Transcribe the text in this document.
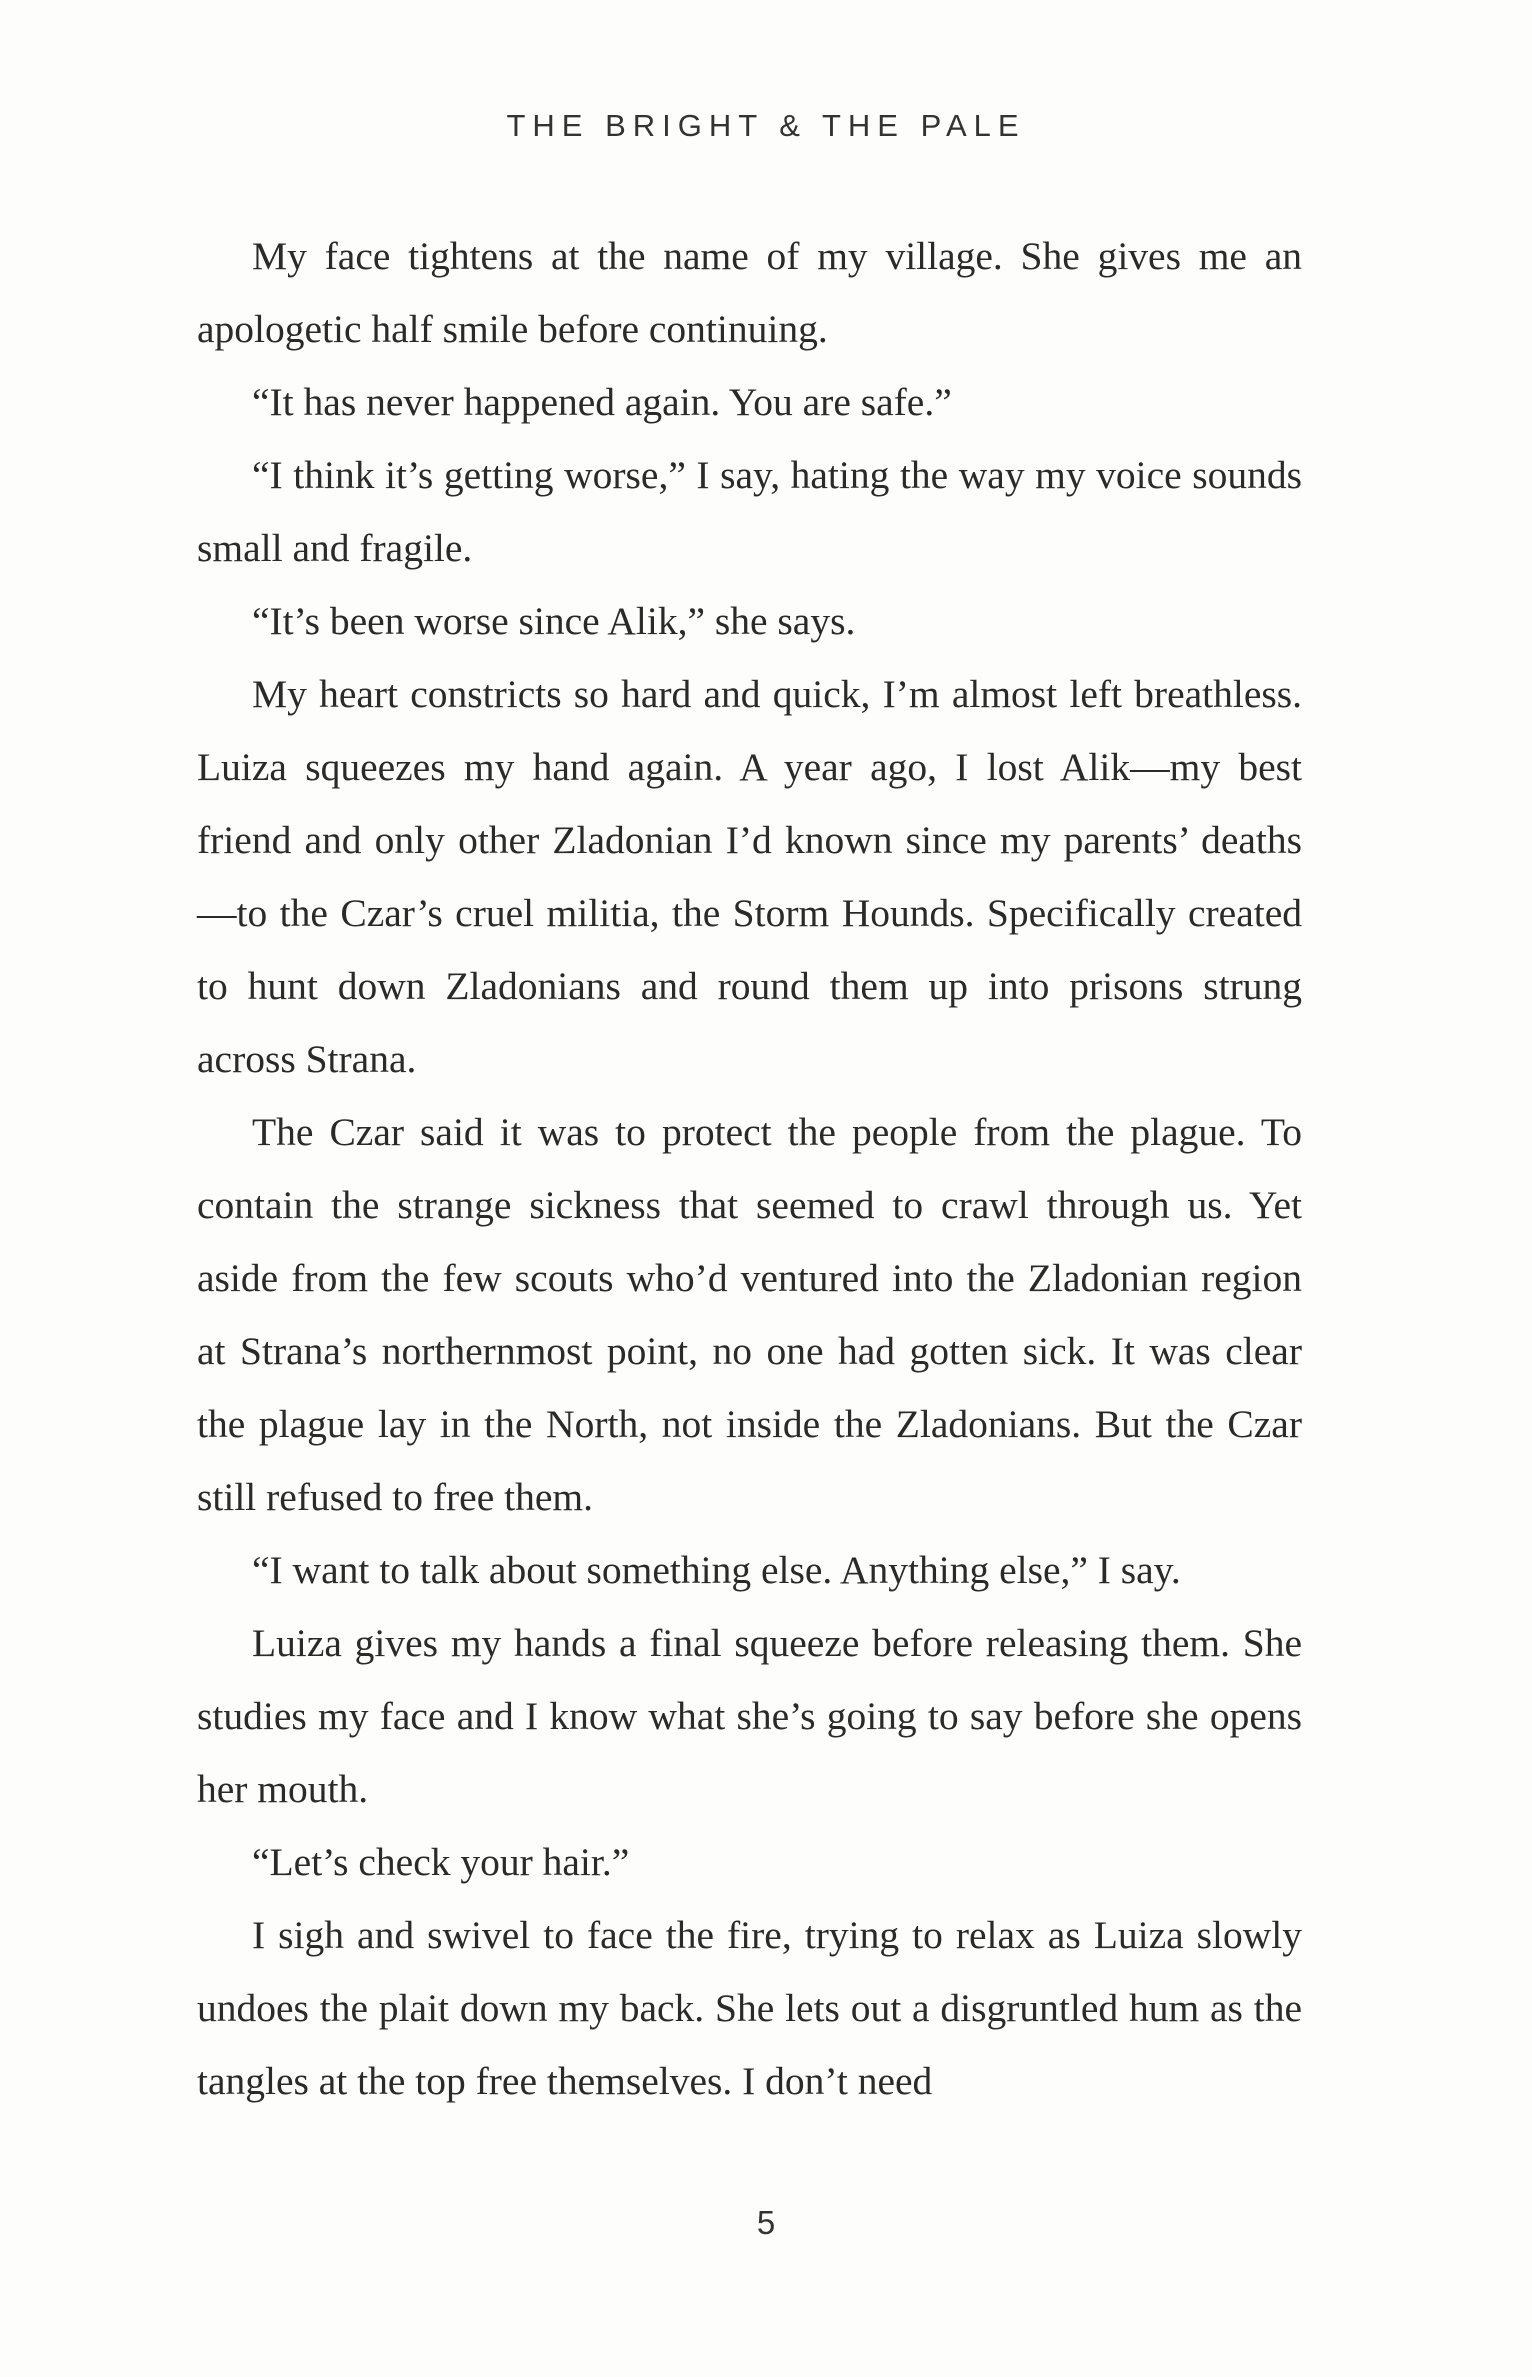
THE BRIGHT & THE PALE

My face tightens at the name of my village. She gives me an apologetic half smile before continuing.

“It has never happened again. You are safe.”

“I think it’s getting worse,” I say, hating the way my voice sounds small and fragile.

“It’s been worse since Alik,” she says.

My heart constricts so hard and quick, I’m almost left breathless. Luiza squeezes my hand again. A year ago, I lost Alik—my best friend and only other Zladonian I’d known since my parents’ deaths—to the Czar’s cruel militia, the Storm Hounds. Specifically created to hunt down Zladonians and round them up into prisons strung across Strana.

The Czar said it was to protect the people from the plague. To contain the strange sickness that seemed to crawl through us. Yet aside from the few scouts who’d ventured into the Zladonian region at Strana’s northernmost point, no one had gotten sick. It was clear the plague lay in the North, not inside the Zladonians. But the Czar still refused to free them.

“I want to talk about something else. Anything else,” I say.

Luiza gives my hands a final squeeze before releasing them. She studies my face and I know what she’s going to say before she opens her mouth.

“Let’s check your hair.”

I sigh and swivel to face the fire, trying to relax as Luiza slowly undoes the plait down my back. She lets out a disgruntled hum as the tangles at the top free themselves. I don’t need

5
